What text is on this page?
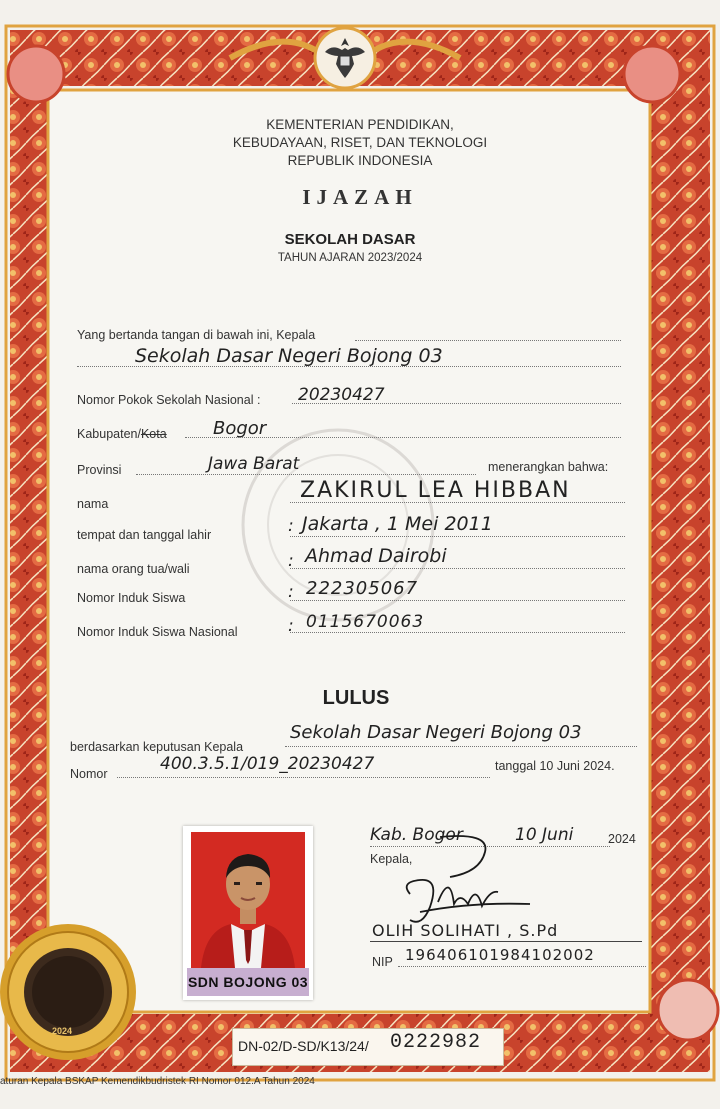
KEMENTERIAN PENDIDIKAN,
KEBUDAYAAN, RISET, DAN TEKNOLOGI
REPUBLIK INDONESIA
IJAZAH
SEKOLAH DASAR
TAHUN AJARAN 2023/2024
Yang bertanda tangan di bawah ini, Kepala
Sekolah Dasar Negeri Bojong 03
Nomor Pokok Sekolah Nasional : 20230427
Kabupaten/Kota	Bogor
Provinsi	Jawa Barat	menerangkan bahwa:
nama
ZAKIRUL LEA HIBBAN
tempat dan tanggal lahir	: Jakarta , 1 Mei 2011
nama orang tua/wali	: Ahmad Dairobi
Nomor Induk Siswa	: 222305067
Nomor Induk Siswa Nasional	: 0115670063
LULUS
berdasarkan keputusan Kepala
Sekolah Dasar Negeri Bojong 03
Nomor	400.3.5.1/019_20230427	tanggal 10 Juni 2024.
SDN BOJONG 03
Kab. Bogor	10 Juni	2024
Kepala,
OLIH SOLIHATI , S.Pd
NIP 196406101984102002
2024
DN-02/D-SD/K13/24/ 0222982
aturan Kepala BSKAP Kemendikbudristek RI Nomor 012.A Tahun 2024
